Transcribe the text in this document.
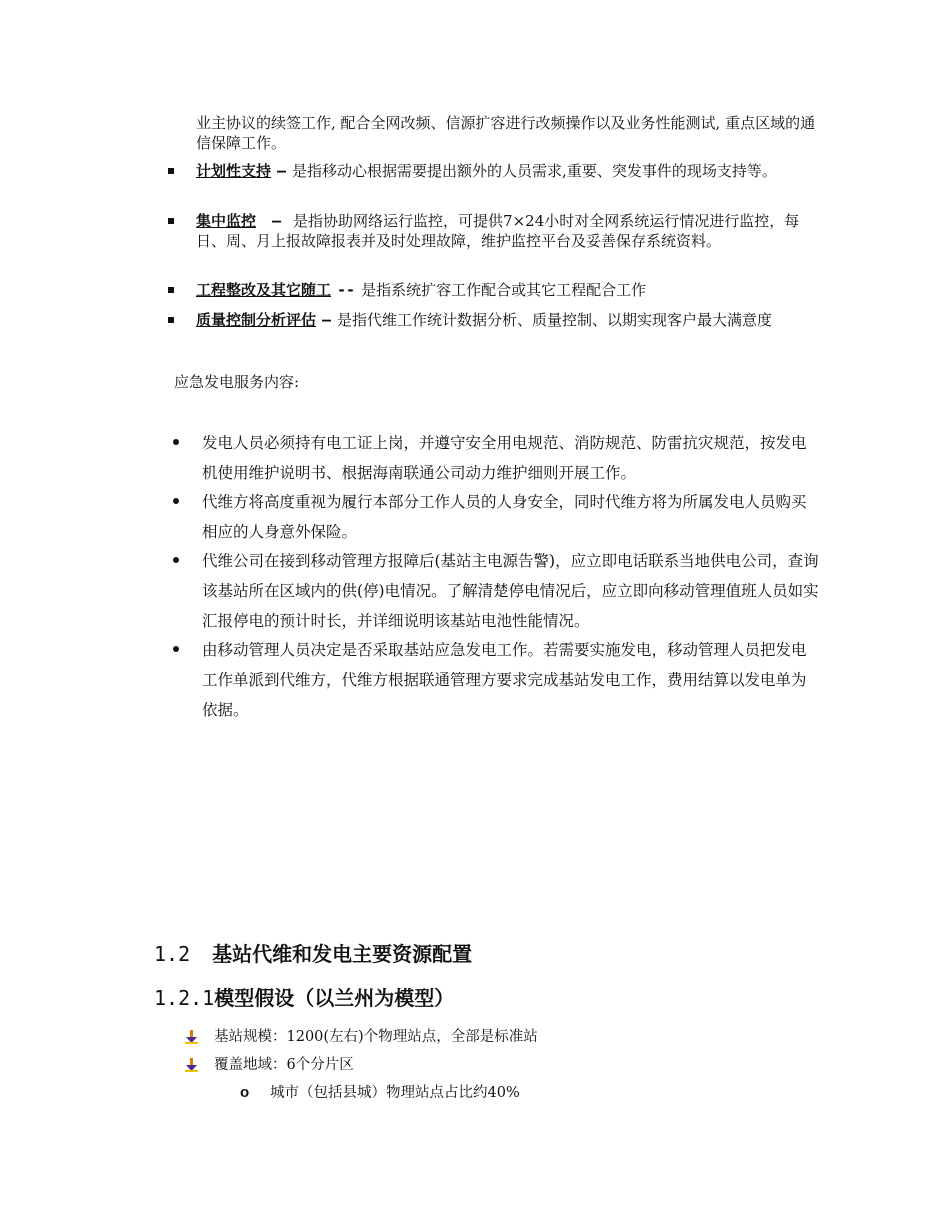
业主协议的续签工作, 配合全网改频、信源扩容进行改频操作以及业务性能测试, 重点区域的通信保障工作。
计划性支持 — 是指移动心根据需要提出额外的人员需求,重要、突发事件的现场支持等。
集中监控 — 是指协助网络运行监控，可提供7×24小时对全网系统运行情况进行监控，每日、周、月上报故障报表并及时处理故障，维护监控平台及妥善保存系统资料。
工程整改及其它随工 -- 是指系统扩容工作配合或其它工程配合工作
质量控制分析评估 — 是指代维工作统计数据分析、质量控制、以期实现客户最大满意度
应急发电服务内容:
发电人员必须持有电工证上岗，并遵守安全用电规范、消防规范、防雷抗灾规范，按发电机使用维护说明书、根据海南联通公司动力维护细则开展工作。
代维方将高度重视为履行本部分工作人员的人身安全，同时代维方将为所属发电人员购买相应的人身意外保险。
代维公司在接到移动管理方报障后(基站主电源告警)，应立即电话联系当地供电公司，查询该基站所在区域内的供(停)电情况。了解清楚停电情况后，应立即向移动管理值班人员如实汇报停电的预计时长，并详细说明该基站电池性能情况。
由移动管理人员决定是否采取基站应急发电工作。若需要实施发电，移动管理人员把发电工作单派到代维方，代维方根据联通管理方要求完成基站发电工作，费用结算以发电单为依据。
1.2 基站代维和发电主要资源配置
1.2.1模型假设（以兰州为模型）
基站规模：1200(左右)个物理站点，全部是标准站
覆盖地域：6个分片区
o 城市（包括县城）物理站点占比约40%
